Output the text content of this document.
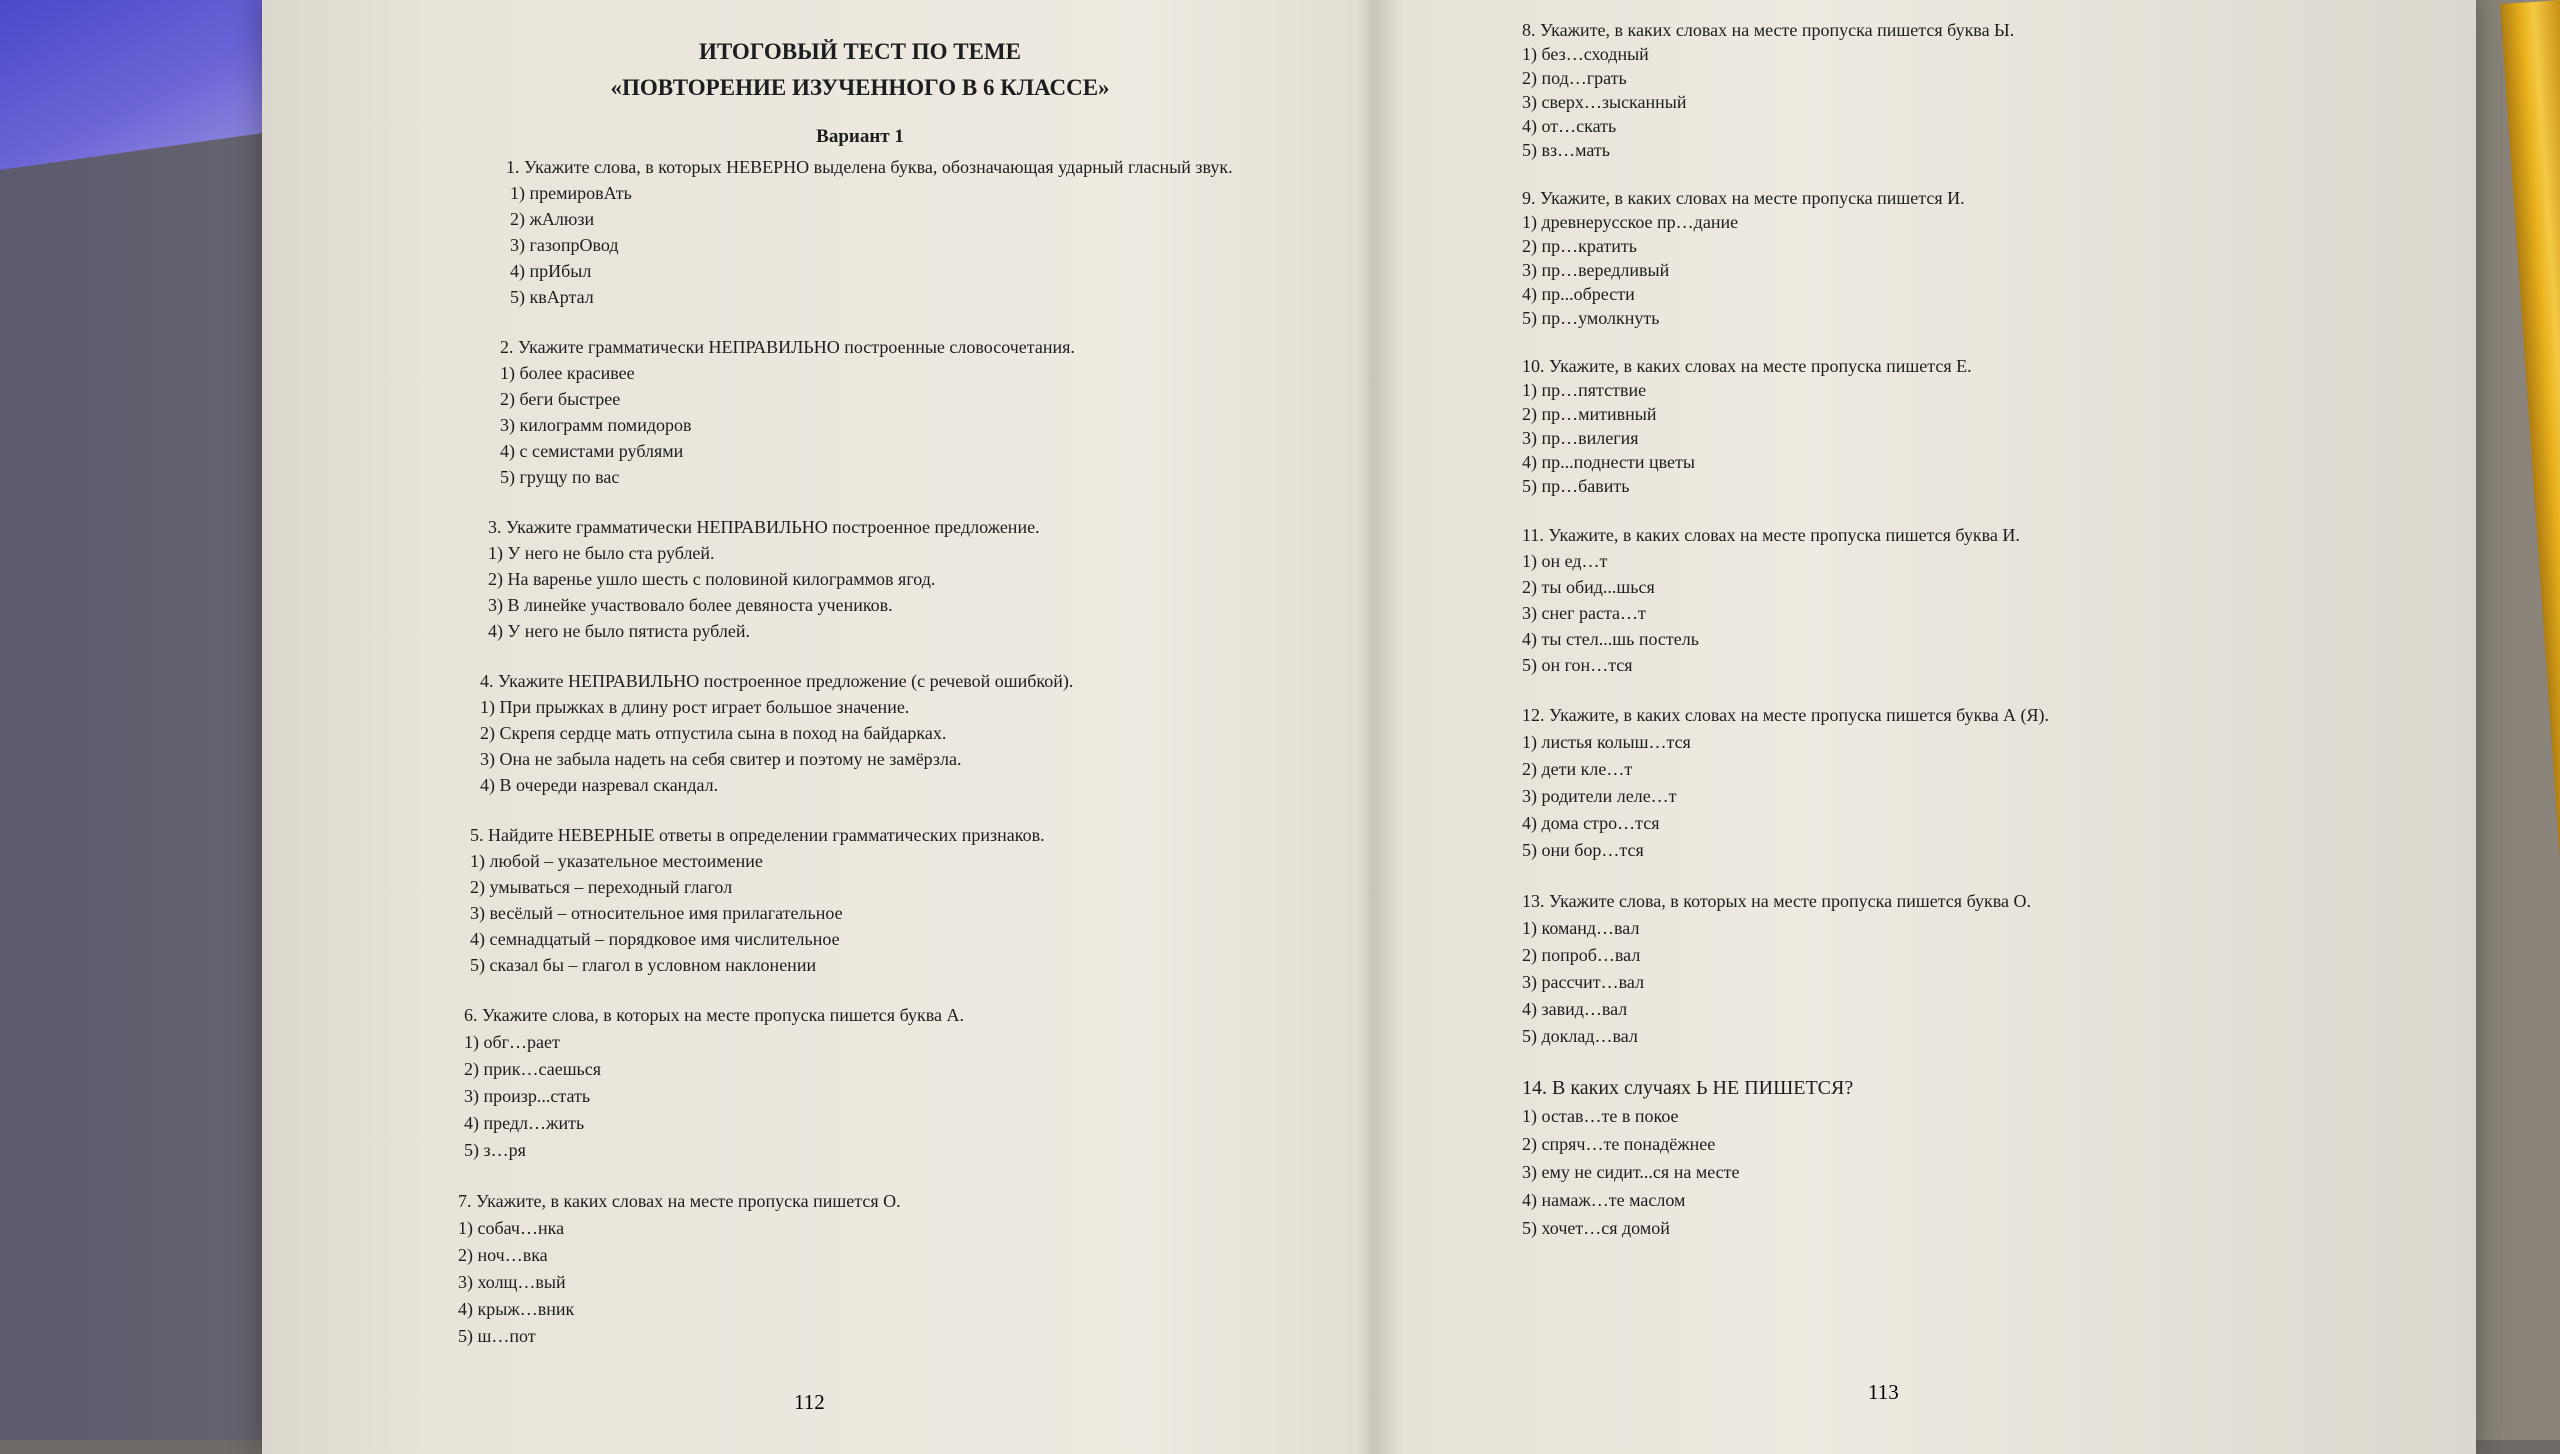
ИТОГОВЫЙ ТЕСТ ПО ТЕМЕ
«ПОВТОРЕНИЕ ИЗУЧЕННОГО В 6 КЛАССЕ»
Вариант 1

1. Укажите слова, в которых НЕВЕРНО выделена буква, обозначающая ударный гласный звук.

1) премировАть

2) жАлюзи

3) газопрОвод

4) прИбыл

5) квАртал

2. Укажите грамматически НЕПРАВИЛЬНО построенные словосочетания.

1) более красивее

2) беги быстрее

3) килограмм помидоров

4) с семистами рублями

5) грущу по вас

3. Укажите грамматически НЕПРАВИЛЬНО построенное предложение.

1) У него не было ста рублей.

2) На варенье ушло шесть с половиной килограммов ягод.

3) В линейке участвовало более девяноста учеников.

4) У него не было пятиста рублей.

4. Укажите НЕПРАВИЛЬНО построенное предложение (с речевой ошибкой).

1) При прыжках в длину рост играет большое значение.

2) Скрепя сердце мать отпустила сына в поход на байдарках.

3) Она не забыла надеть на себя свитер и поэтому не замёрзла.

4) В очереди назревал скандал.

5. Найдите НЕВЕРНЫЕ ответы в определении грамматических признаков.

1) любой – указательное местоимение

2) умываться – переходный глагол

3) весёлый – относительное имя прилагательное

4) семнадцатый – порядковое имя числительное

5) сказал бы – глагол в условном наклонении

6. Укажите слова, в которых на месте пропуска пишется буква А.

1) обг…рает

2) прик…саешься

3) произр...стать

4) предл…жить

5) з…ря

7. Укажите, в каких словах на месте пропуска пишется О.

1) собач…нка

2) ноч…вка

3) холщ…вый

4) крыж…вник

5) ш…пот

112

8. Укажите, в каких словах на месте пропуска пишется буква Ы.

1) без…сходный

2) под…грать

3) сверх…зысканный

4) от…скать

5) вз…мать

9. Укажите, в каких словах на месте пропуска пишется И.

1) древнерусское пр…дание

2) пр…кратить

3) пр…вередливый

4) пр...обрести

5) пр…умолкнуть

10. Укажите, в каких словах на месте пропуска пишется Е.

1) пр…пятствие

2) пр…митивный

3) пр…вилегия

4) пр...поднести цветы

5) пр…бавить

11. Укажите, в каких словах на месте пропуска пишется буква И.

1) он ед…т

2) ты обид...шься

3) снег раста…т

4) ты стел...шь постель

5) он гон…тся

12. Укажите, в каких словах на месте пропуска пишется буква А (Я).

1) листья колыш…тся

2) дети кле…т

3) родители леле…т

4) дома стро…тся

5) они бор…тся

13. Укажите слова, в которых на месте пропуска пишется буква О.

1) команд…вал

2) попроб…вал

3) рассчит…вал

4) завид…вал

5) доклад…вал

14. В каких случаях Ь НЕ ПИШЕТСЯ?

1) остав…те в покое

2) спряч…те понадёжнее

3) ему не сидит...ся на месте

4) намаж…те маслом

5) хочет…ся домой

113
